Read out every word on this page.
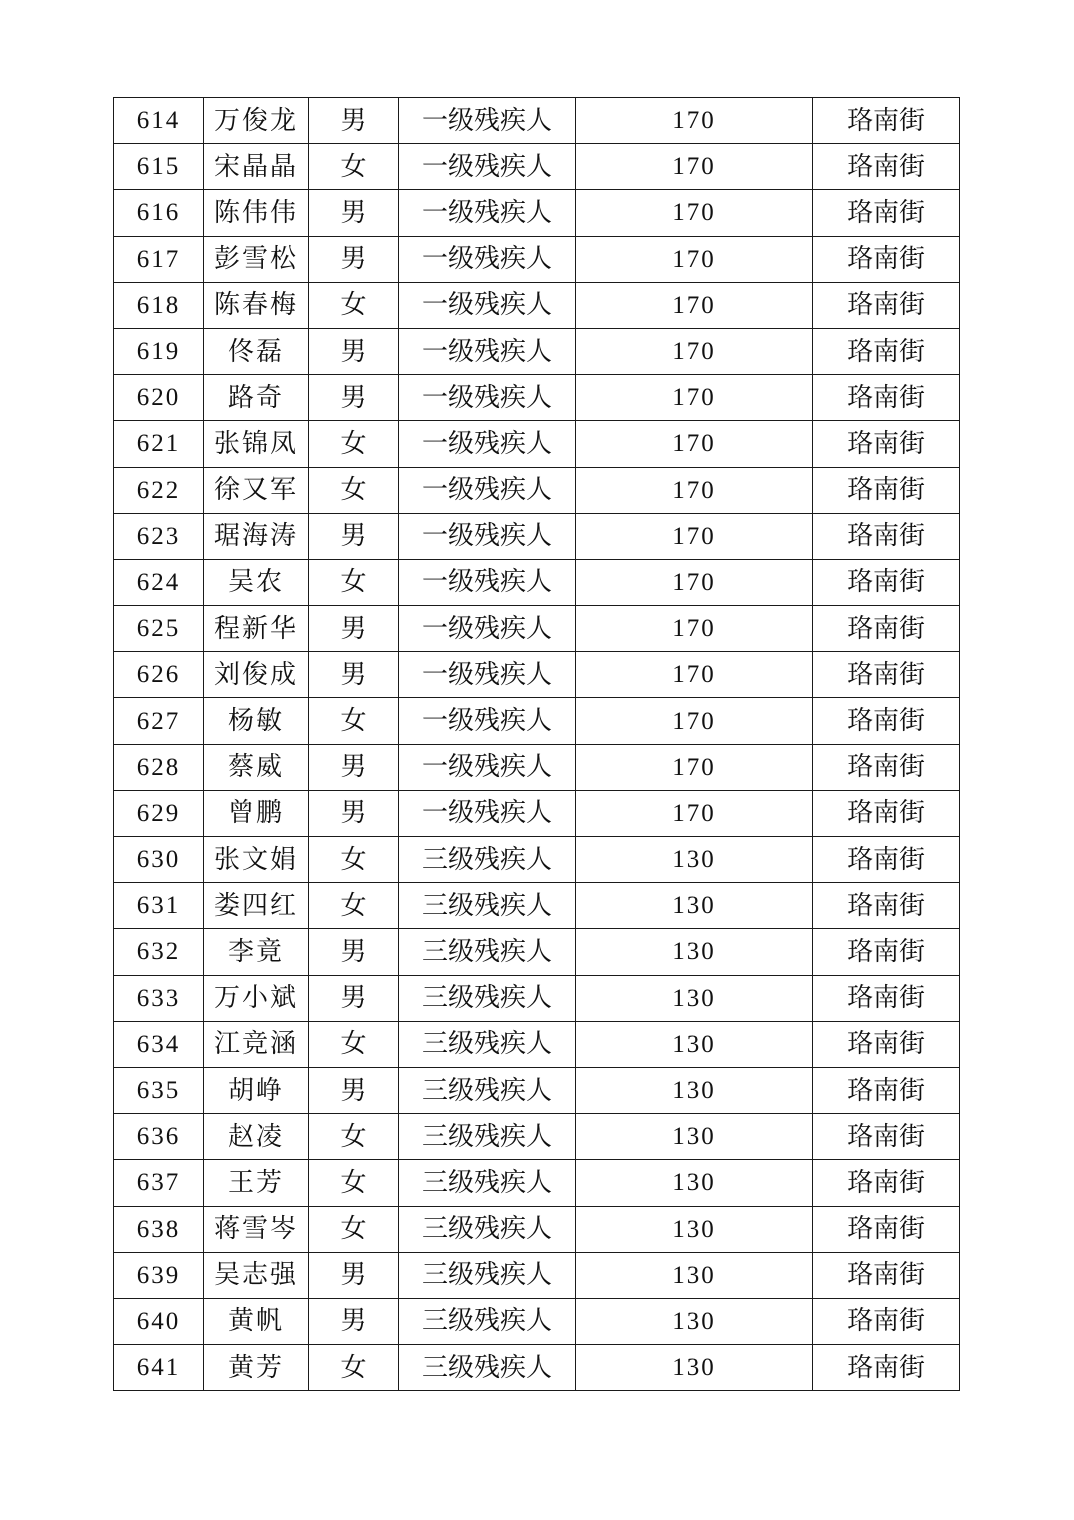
614	万俊龙	男	一级残疾人	170	珞南街
615	宋晶晶	女	一级残疾人	170	珞南街
616	陈伟伟	男	一级残疾人	170	珞南街
617	彭雪松	男	一级残疾人	170	珞南街
618	陈春梅	女	一级残疾人	170	珞南街
619	佟磊	男	一级残疾人	170	珞南街
620	路奇	男	一级残疾人	170	珞南街
621	张锦凤	女	一级残疾人	170	珞南街
622	徐又军	女	一级残疾人	170	珞南街
623	琚海涛	男	一级残疾人	170	珞南街
624	吴农	女	一级残疾人	170	珞南街
625	程新华	男	一级残疾人	170	珞南街
626	刘俊成	男	一级残疾人	170	珞南街
627	杨敏	女	一级残疾人	170	珞南街
628	蔡威	男	一级残疾人	170	珞南街
629	曾鹏	男	一级残疾人	170	珞南街
630	张文娟	女	三级残疾人	130	珞南街
631	娄四红	女	三级残疾人	130	珞南街
632	李竟	男	三级残疾人	130	珞南街
633	万小斌	男	三级残疾人	130	珞南街
634	江竞涵	女	三级残疾人	130	珞南街
635	胡峥	男	三级残疾人	130	珞南街
636	赵凌	女	三级残疾人	130	珞南街
637	王芳	女	三级残疾人	130	珞南街
638	蒋雪岑	女	三级残疾人	130	珞南街
639	吴志强	男	三级残疾人	130	珞南街
640	黄帆	男	三级残疾人	130	珞南街
641	黄芳	女	三级残疾人	130	珞南街
